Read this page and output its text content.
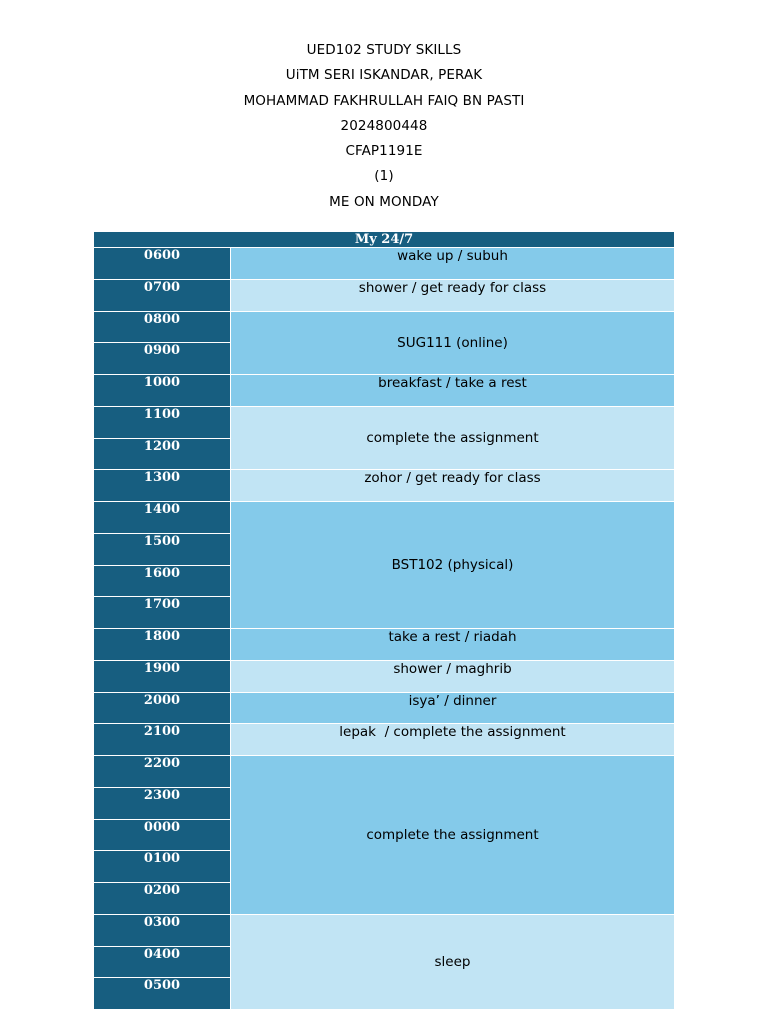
UED102 STUDY SKILLS
UiTM SERI ISKANDAR, PERAK
MOHAMMAD FAKHRULLAH FAIQ BN PASTI
2024800448
CFAP1191E
(1)
ME ON MONDAY
My 24/7
0600
0700
0800
0900
1000
1100
1200
1300
1400
1500
1600
1700
1800
1900
2000
2100
2200
2300
0000
0100
0200
0300
0400
0500
wake up / subuh
shower / get ready for class
SUG111 (online)
breakfast / take a rest
complete the assignment
zohor / get ready for class
BST102 (physical)
take a rest / riadah
shower / maghrib
isya’ / dinner
lepak  / complete the assignment
complete the assignment
sleep
